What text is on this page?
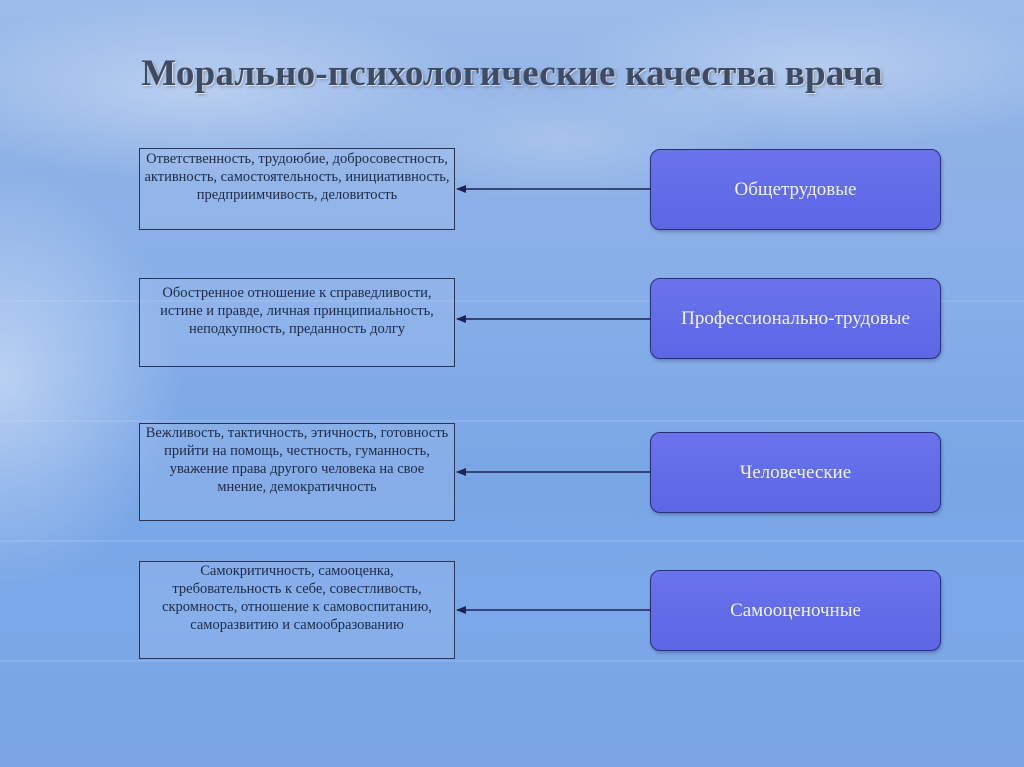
Морально-психологические качества врача
Ответственность, трудоюбие, добросовестность, активность, самостоятельность, инициативность, предприимчивость, деловитость	Общетрудовые
Обостренное отношение к справедливости, истине и правде, личная принципиальность, неподкупность, преданность долгу
Профессионально-трудовые
Вежливость, тактичность, этичность, готовность прийти на помощь, честность, гуманность, уважение права другого человека на свое мнение, демократичность
Человеческие
Самокритичность, самооценка, требовательность к себе, совестливость, скромность, отношение к самовоспитанию, саморазвитию и самообразованию
Самооценочные
